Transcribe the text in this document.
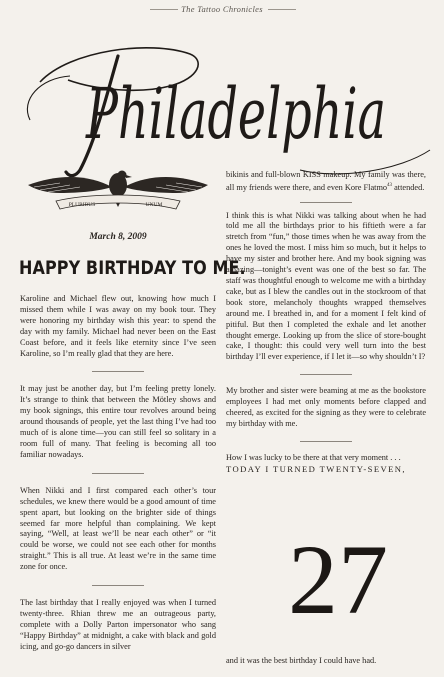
The Tattoo Chronicles
Philadelphia
PLURIBUS	UNUM
March 8, 2009
HAPPY BIRTHDAY TO ME.

Karoline and Michael flew out, knowing how much I missed them while I was away on my book tour. They were honoring my birthday wish this year: to spend the day with my family. Michael had never been on the East Coast before, and it feels like eternity since I’ve seen Karoline, so I’m really glad that they are here.

It may just be another day, but I’m feeling pretty lonely. It’s strange to think that between the Mötley shows and my book signings, this entire tour revolves around being around thousands of people, yet the last thing I’ve had too much of is alone time—you can still feel so solitary in a room full of many. That feeling is becoming all too familiar nowadays.

When Nikki and I first compared each other’s tour schedules, we knew there would be a good amount of time spent apart, but looking on the brighter side of things seemed far more helpful than complaining. We kept saying, “Well, at least we’ll be near each other” or “it could be worse, we could not see each other for months straight.” This is all true. At least we’re in the same time zone for once.

The last birthday that I really enjoyed was when I turned twenty-three. Rhian threw me an outrageous party, complete with a Dolly Parton impersonator who sang “Happy Birthday” at midnight, a cake with black and gold icing, and go-go dancers in silver

bikinis and full-blown KISS makeup. My family was there, all my friends were there, and even Kore Flatmo$^{43}$ attended.

I think this is what Nikki was talking about when he had told me all the birthdays prior to his fiftieth were a far stretch from “fun,” those times when he was away from the ones he loved the most. I miss him so much, but it helps to have my sister and brother here. And my book signing was amazing—tonight’s event was one of the best so far. The staff was thoughtful enough to welcome me with a birthday cake, but as I blew the candles out in the stockroom of that book store, melancholy thoughts wrapped themselves around me. I breathed in, and for a moment I felt kind of pitiful. But then I completed the exhale and let another thought emerge. Looking up from the slice of store-bought cake, I thought: this could very well turn into the best birthday I’ll ever experience, if I let it—so why shouldn’t I?

My brother and sister were beaming at me as the bookstore employees I had met only moments before clapped and cheered, as excited for the signing as they were to celebrate my birthday with me.

How I was lucky to be there at that very moment . . .

TODAY I TURNED TWENTY-SEVEN,

27

and it was the best birthday I could have had.
